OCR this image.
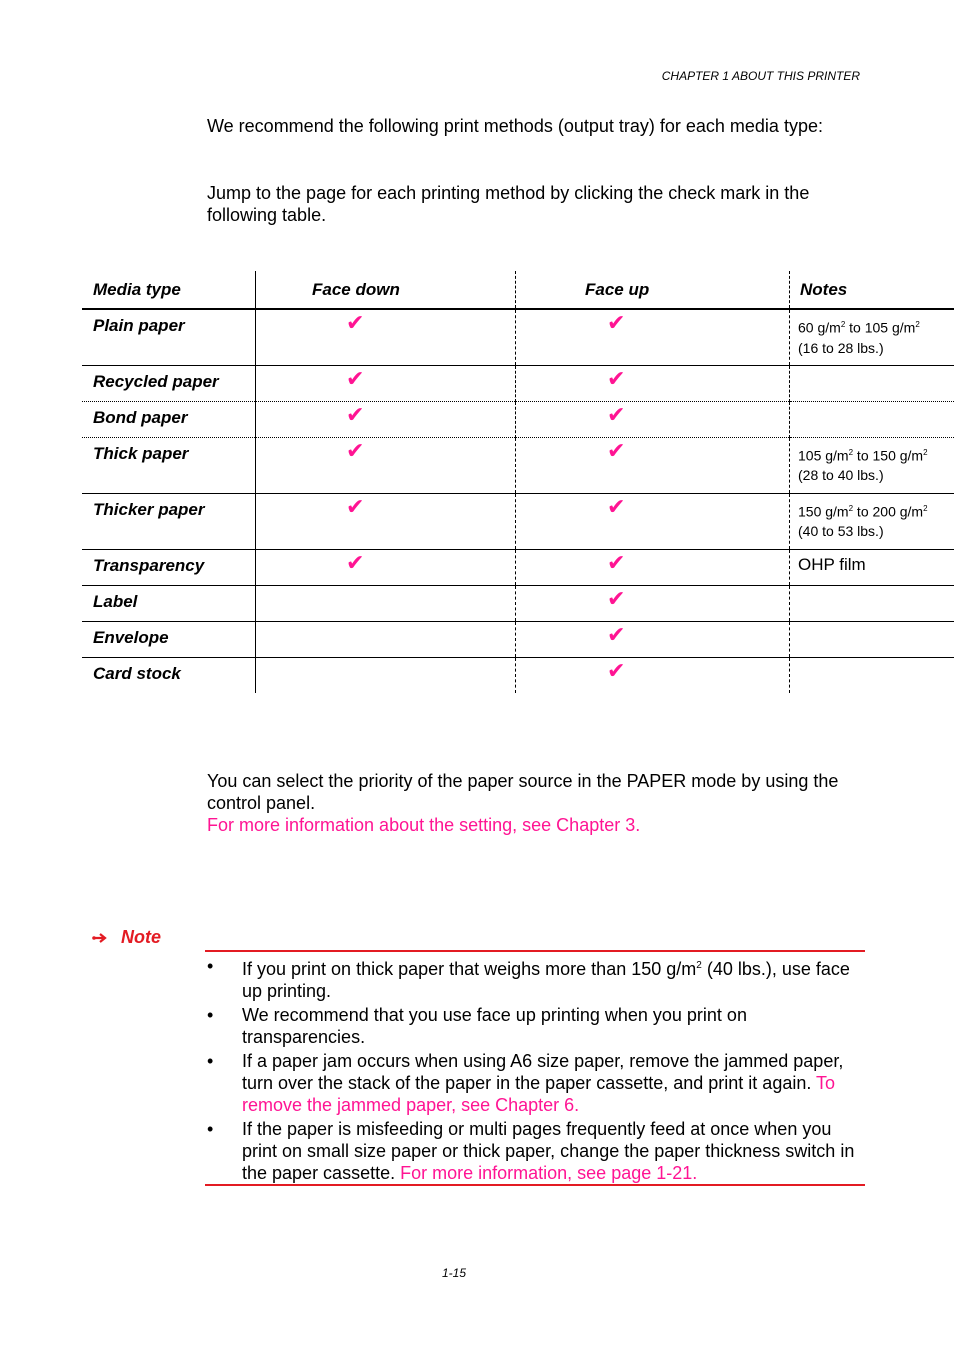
CHAPTER 1 ABOUT THIS PRINTER
We recommend the following print methods (output tray) for each media type:
Jump to the page for each printing method by clicking the check mark in the following table.
Media type	Face down	Face up	Notes

Plain paper	✔	✔	60 $g/m^2$ to 105 $g/m^2$
(16 to 28 lbs.)

Recycled paper	✔	✔	

Bond paper	✔	✔	

Thick paper	✔	✔	105 $g/m^2$ to 150 $g/m^2$
(28 to 40 lbs.)

Thicker paper	✔	✔	150 $g/m^2$ to 200 $g/m^2$
(40 to 53 lbs.)

Transparency	✔	✔	OHP film

Label		✔	

Envelope		✔	

Card stock		✔	

You can select the priority of the paper source in the PAPER mode by using the control panel.
For more information about the setting, see Chapter 3.
Note
• If you print on thick paper that weighs more than 150 $g/m^2$ (40 lbs.), use face up printing.
• We recommend that you use face up printing when you print on transparencies.
• If a paper jam occurs when using A6 size paper, remove the jammed paper, turn over the stack of the paper in the paper cassette, and print it again. To remove the jammed paper, see Chapter 6.
• If the paper is misfeeding or multi pages frequently feed at once when you print on small size paper or thick paper, change the paper thickness switch in the paper cassette. For more information, see page 1-21.
1-15
